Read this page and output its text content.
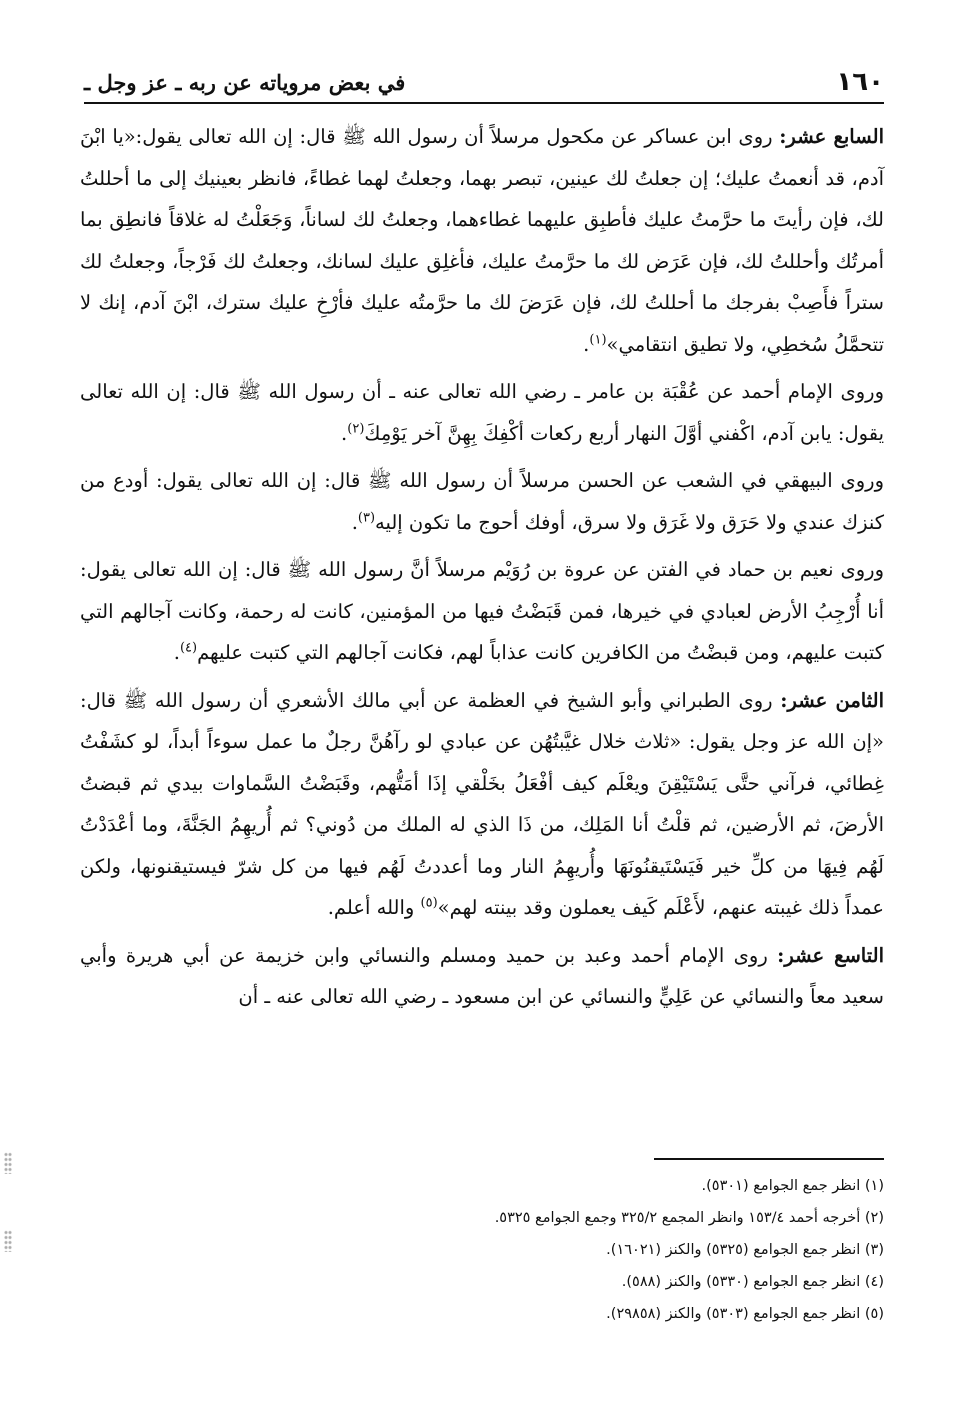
١٦٠
في بعض مروياته عن ربه ـ عز وجل ـ

السابع عشر: روى ابن عساكر عن مكحول مرسلاً أن رسول الله ﷺ قال: إن الله تعالى يقول:«يا ابْنَ آدم، قد أنعمتُ عليك؛ إن جعلتُ لك عينين، تبصر بهما، وجعلتُ لهما غطاءً، فانظر بعينيك إلى ما أحللتُ لك، فإن رأيتَ ما حرَّمتُ عليك فأطبِق عليهما غطاءهما، وجعلتُ لك لساناً، وَجَعَلْتُ له غلاقاً فانطِق بما أمرتُك وأحللتُ لك، فإن عَرَض لك ما حرَّمتُ عليك، فأغلِق عليك لسانك، وجعلتُ لك فَرْجاً، وجعلتُ لك ستراً فأَصِبْ بفرجك ما أحللتُ لك، فإن عَرَضَ لك ما حرَّمتُه عليك فأرْخِ عليك سترك، ابْنَ آدم، إنك لا تتحمَّلُ سُخطِي، ولا تطيق انتقامي»$^{(١)}$.

وروى الإمام أحمد عن عُقْبَة بن عامر ـ رضي الله تعالى عنه ـ أن رسول الله ﷺ قال: إن الله تعالى يقول: يابن آدم، اكْفني أوَّلَ النهار أربع ركعات أكْفِكَ بِهِنَّ آخر يَوْمِكَ$^{(٢)}$.

وروى البيهقي في الشعب عن الحسن مرسلاً أن رسول الله ﷺ قال: إن الله تعالى يقول: أودع من كنزك عندي ولا حَرَق ولا غَرَق ولا سرق، أوفك أحوج ما تكون إليه$^{(٣)}$.

وروى نعيم بن حماد في الفتن عن عروة بن رُوَيْم مرسلاً أنَّ رسول الله ﷺ قال: إن الله تعالى يقول: أنا أُرْجِبُ الأرض لعبادي في خيرها، فمن قَبَضْتُ فيها من المؤمنين، كانت له رحمة، وكانت آجالهم التي كتبت عليهم، ومن قبضْتُ من الكافرين كانت عذاباً لهم، فكانت آجالهم التي كتبت عليهم$^{(٤)}$.

الثامن عشر: روى الطبراني وأبو الشيخ في العظمة عن أبي مالك الأشعري أن رسول الله ﷺ قال: «إن الله عز وجل يقول: «ثلاث خلال غيَّبتُهُن عن عبادي لو رآهُنَّ رجلٌ ما عمل سوءاً أبداً، لو كشَفْتُ غِطائي، فرآني حتَّى يَسْتَيْقِنَ ويعْلَم كيف أفْعَلُ بخَلْقي إذَا أمَتُّهم، وقَبَضْتُ السَّماوات بيدي ثم قبضتُ الأرضَ، ثم الأرضين، ثم قلْتُ أنا المَلِك، من ذَا الذي له الملك من دُوني؟ ثم أُريهِمُ الجَنَّةَ، وما أعْدَدْتُ لَهُم فِيهَا من كلِّ خير فَيَسْتَيقنُونَهَا وأُريهِمُ النار وما أعددتُ لَهُم فيها من كل شرّ فيستيقنونها، ولكن عمداً ذلك غيبته عنهم، لأَعْلَم كَيف يعملون وقد بينته لهم»$^{(٥)}$ والله أعلم.

التاسع عشر: روى الإمام أحمد وعبد بن حميد ومسلم والنسائي وابن خزيمة عن أبي هريرة وأبي سعيد معاً والنسائي عن عَلِيٍّ والنسائي عن ابن مسعود ـ رضي الله تعالى عنه ـ أن

(١) انظر جمع الجوامع (٥٣٠١).
(٢) أخرجه أحمد ١٥٣/٤ وانظر المجمع ٣٢٥/٢ وجمع الجوامع ٥٣٢٥.
(٣) انظر جمع الجوامع (٥٣٢٥) والكنز (١٦٠٢١).
(٤) انظر جمع الجوامع (٥٣٣٠) والكنز (٥٨٨).
(٥) انظر جمع الجوامع (٥٣٠٣) والكنز (٢٩٨٥٨).
